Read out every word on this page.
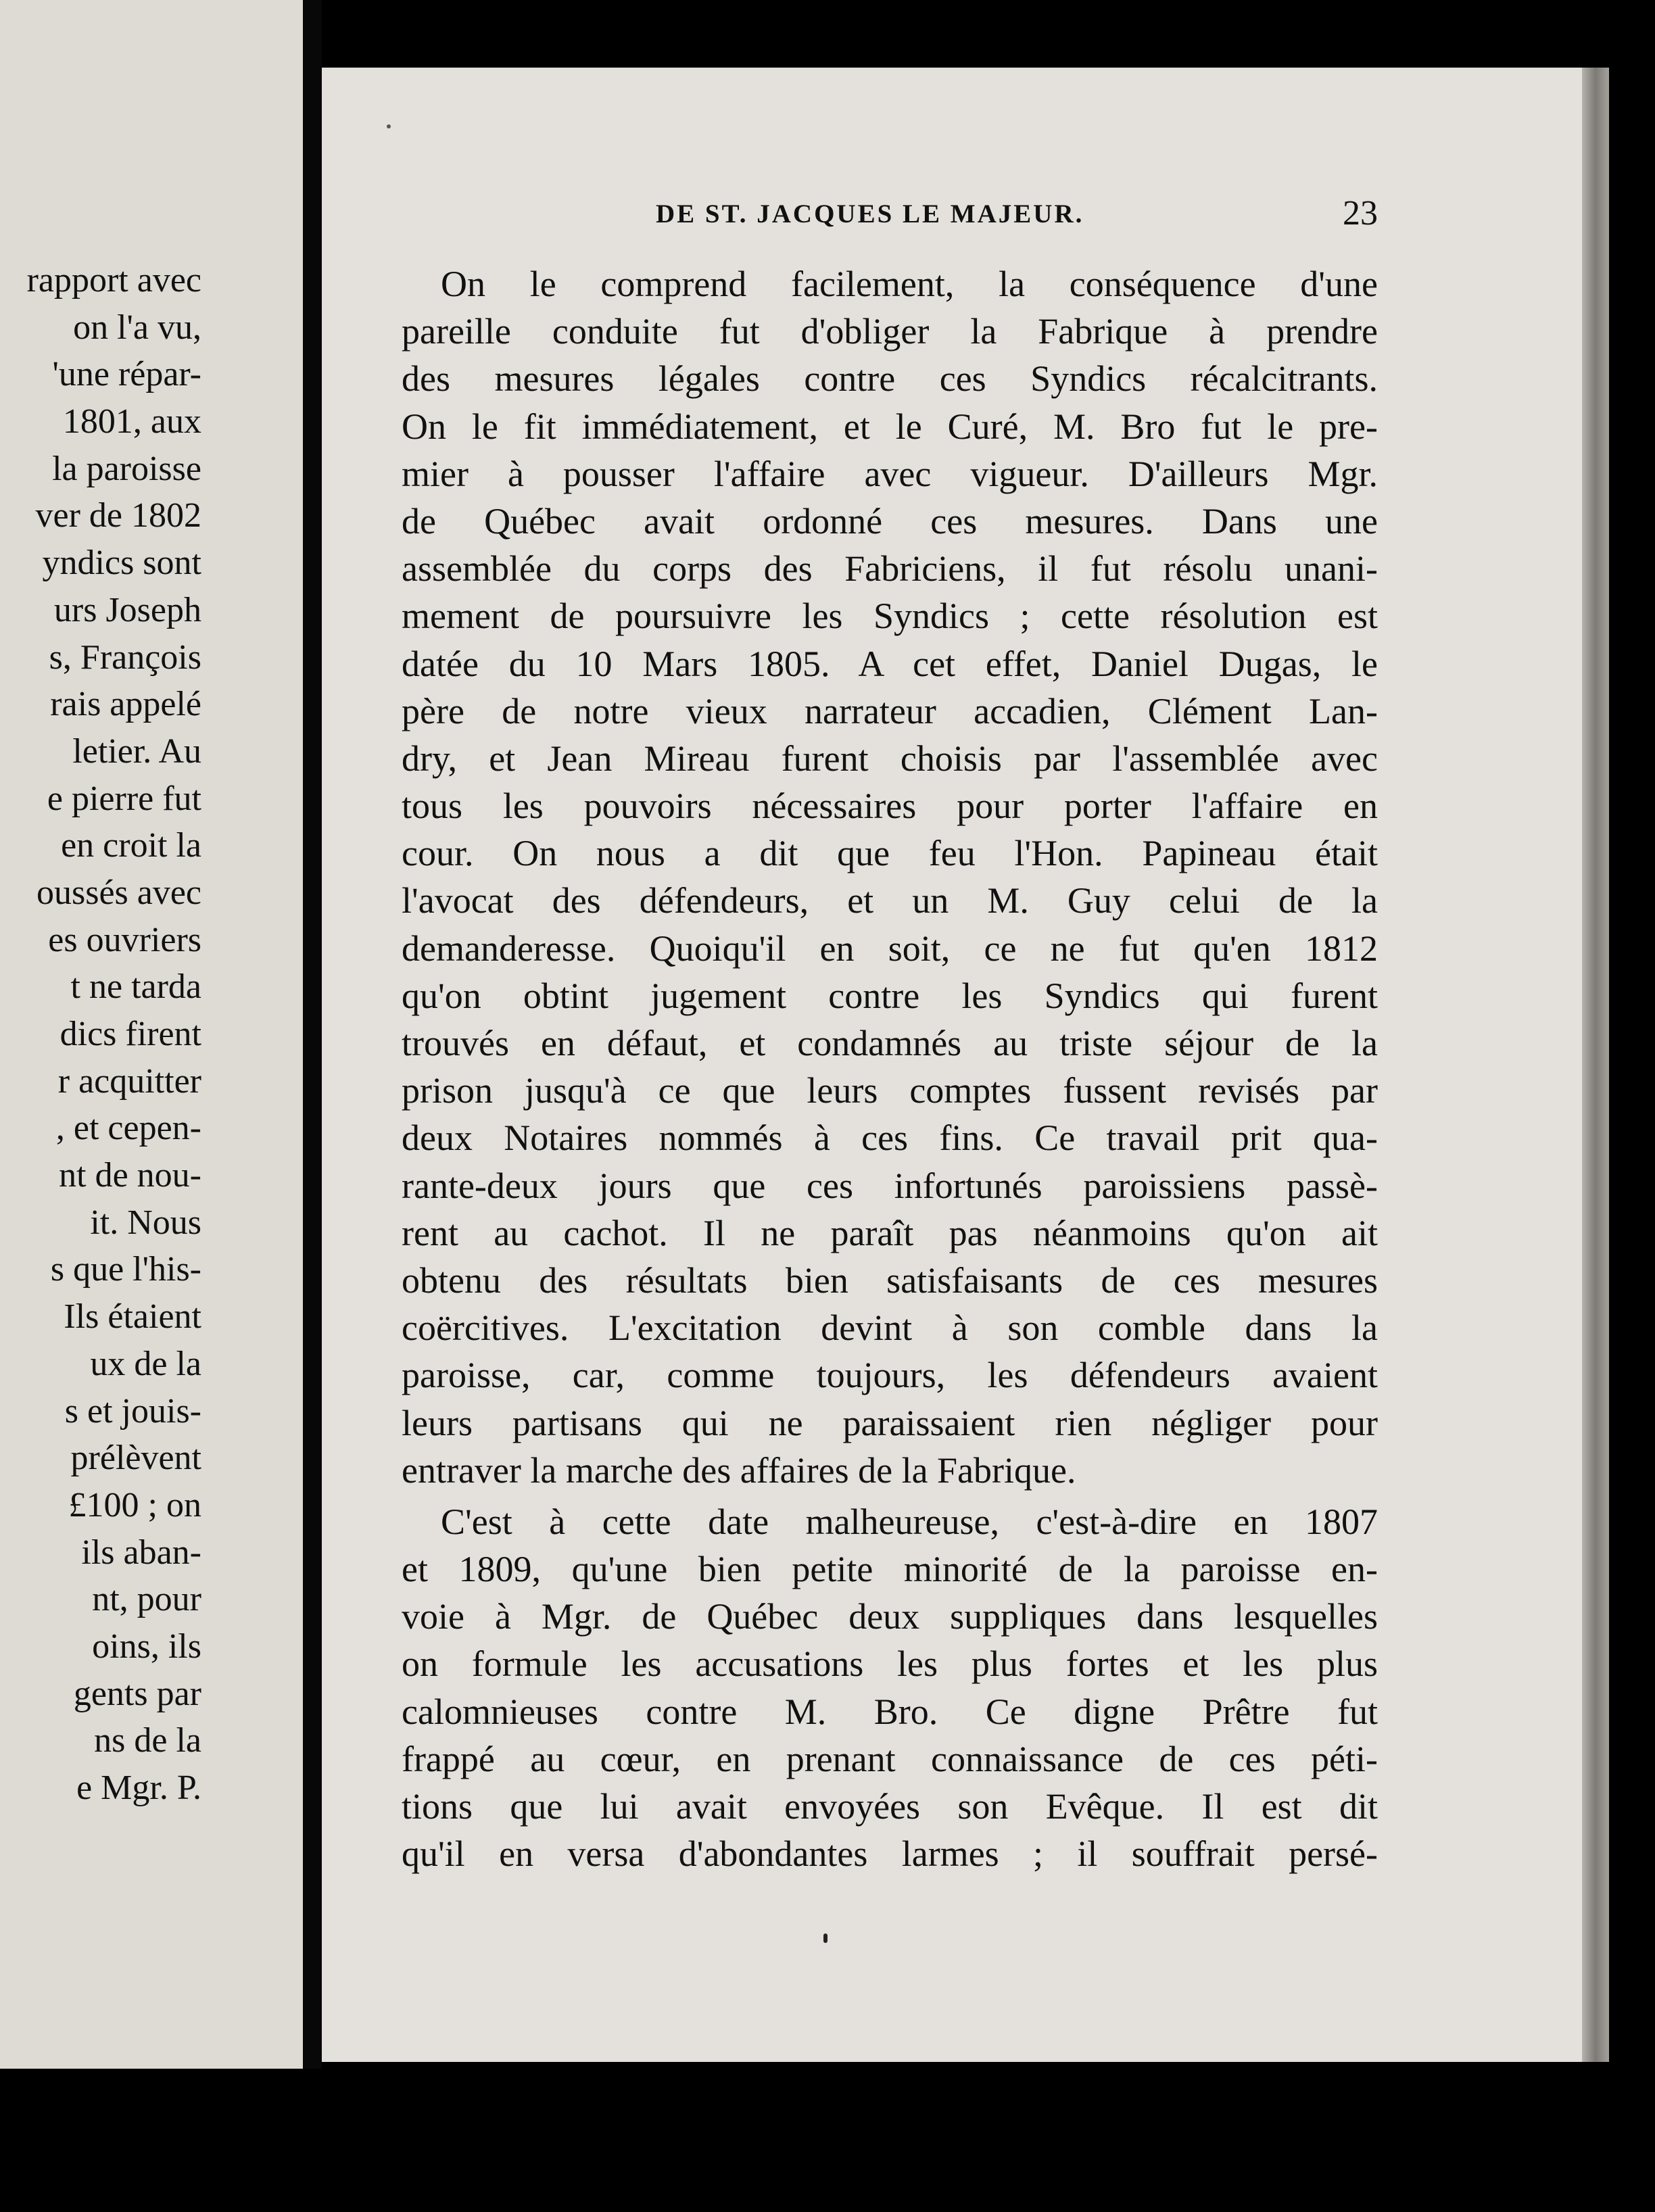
rapport avec
on l'a vu,
'une répar-
1801, aux
la paroisse
ver de 1802
yndics sont
urs Joseph
s, François
rais appelé
letier. Au
e pierre fut
en croit la
oussés avec
es ouvriers
t ne tarda
dics firent
r acquitter
, et cepen-
nt de nou-
it. Nous
s que l'his-
Ils étaient
ux de la
s et jouis-
prélèvent
£100 ; on
ils aban-
nt, pour
oins, ils
gents par
ns de la
e Mgr. P.
DE ST. JACQUES LE MAJEUR.	23
On le comprend facilement, la conséquence d'une
pareille conduite fut d'obliger la Fabrique à prendre
des mesures légales contre ces Syndics récalcitrants.
On le fit immédiatement, et le Curé, M. Bro fut le pre-
mier à pousser l'affaire avec vigueur. D'ailleurs Mgr.
de Québec avait ordonné ces mesures. Dans une
assemblée du corps des Fabriciens, il fut résolu unani-
mement de poursuivre les Syndics ; cette résolution est
datée du 10 Mars 1805. A cet effet, Daniel Dugas, le
père de notre vieux narrateur accadien, Clément Lan-
dry, et Jean Mireau furent choisis par l'assemblée avec
tous les pouvoirs nécessaires pour porter l'affaire en
cour. On nous a dit que feu l'Hon. Papineau était
l'avocat des défendeurs, et un M. Guy celui de la
demanderesse. Quoiqu'il en soit, ce ne fut qu'en 1812
qu'on obtint jugement contre les Syndics qui furent
trouvés en défaut, et condamnés au triste séjour de la
prison jusqu'à ce que leurs comptes fussent revisés par
deux Notaires nommés à ces fins. Ce travail prit qua-
rante-deux jours que ces infortunés paroissiens passè-
rent au cachot. Il ne paraît pas néanmoins qu'on ait
obtenu des résultats bien satisfaisants de ces mesures
coërcitives. L'excitation devint à son comble dans la
paroisse, car, comme toujours, les défendeurs avaient
leurs partisans qui ne paraissaient rien négliger pour
entraver la marche des affaires de la Fabrique.
C'est à cette date malheureuse, c'est-à-dire en 1807
et 1809, qu'une bien petite minorité de la paroisse en-
voie à Mgr. de Québec deux suppliques dans lesquelles
on formule les accusations les plus fortes et les plus
calomnieuses contre M. Bro. Ce digne Prêtre fut
frappé au cœur, en prenant connaissance de ces péti-
tions que lui avait envoyées son Evêque. Il est dit
qu'il en versa d'abondantes larmes ; il souffrait persé-
